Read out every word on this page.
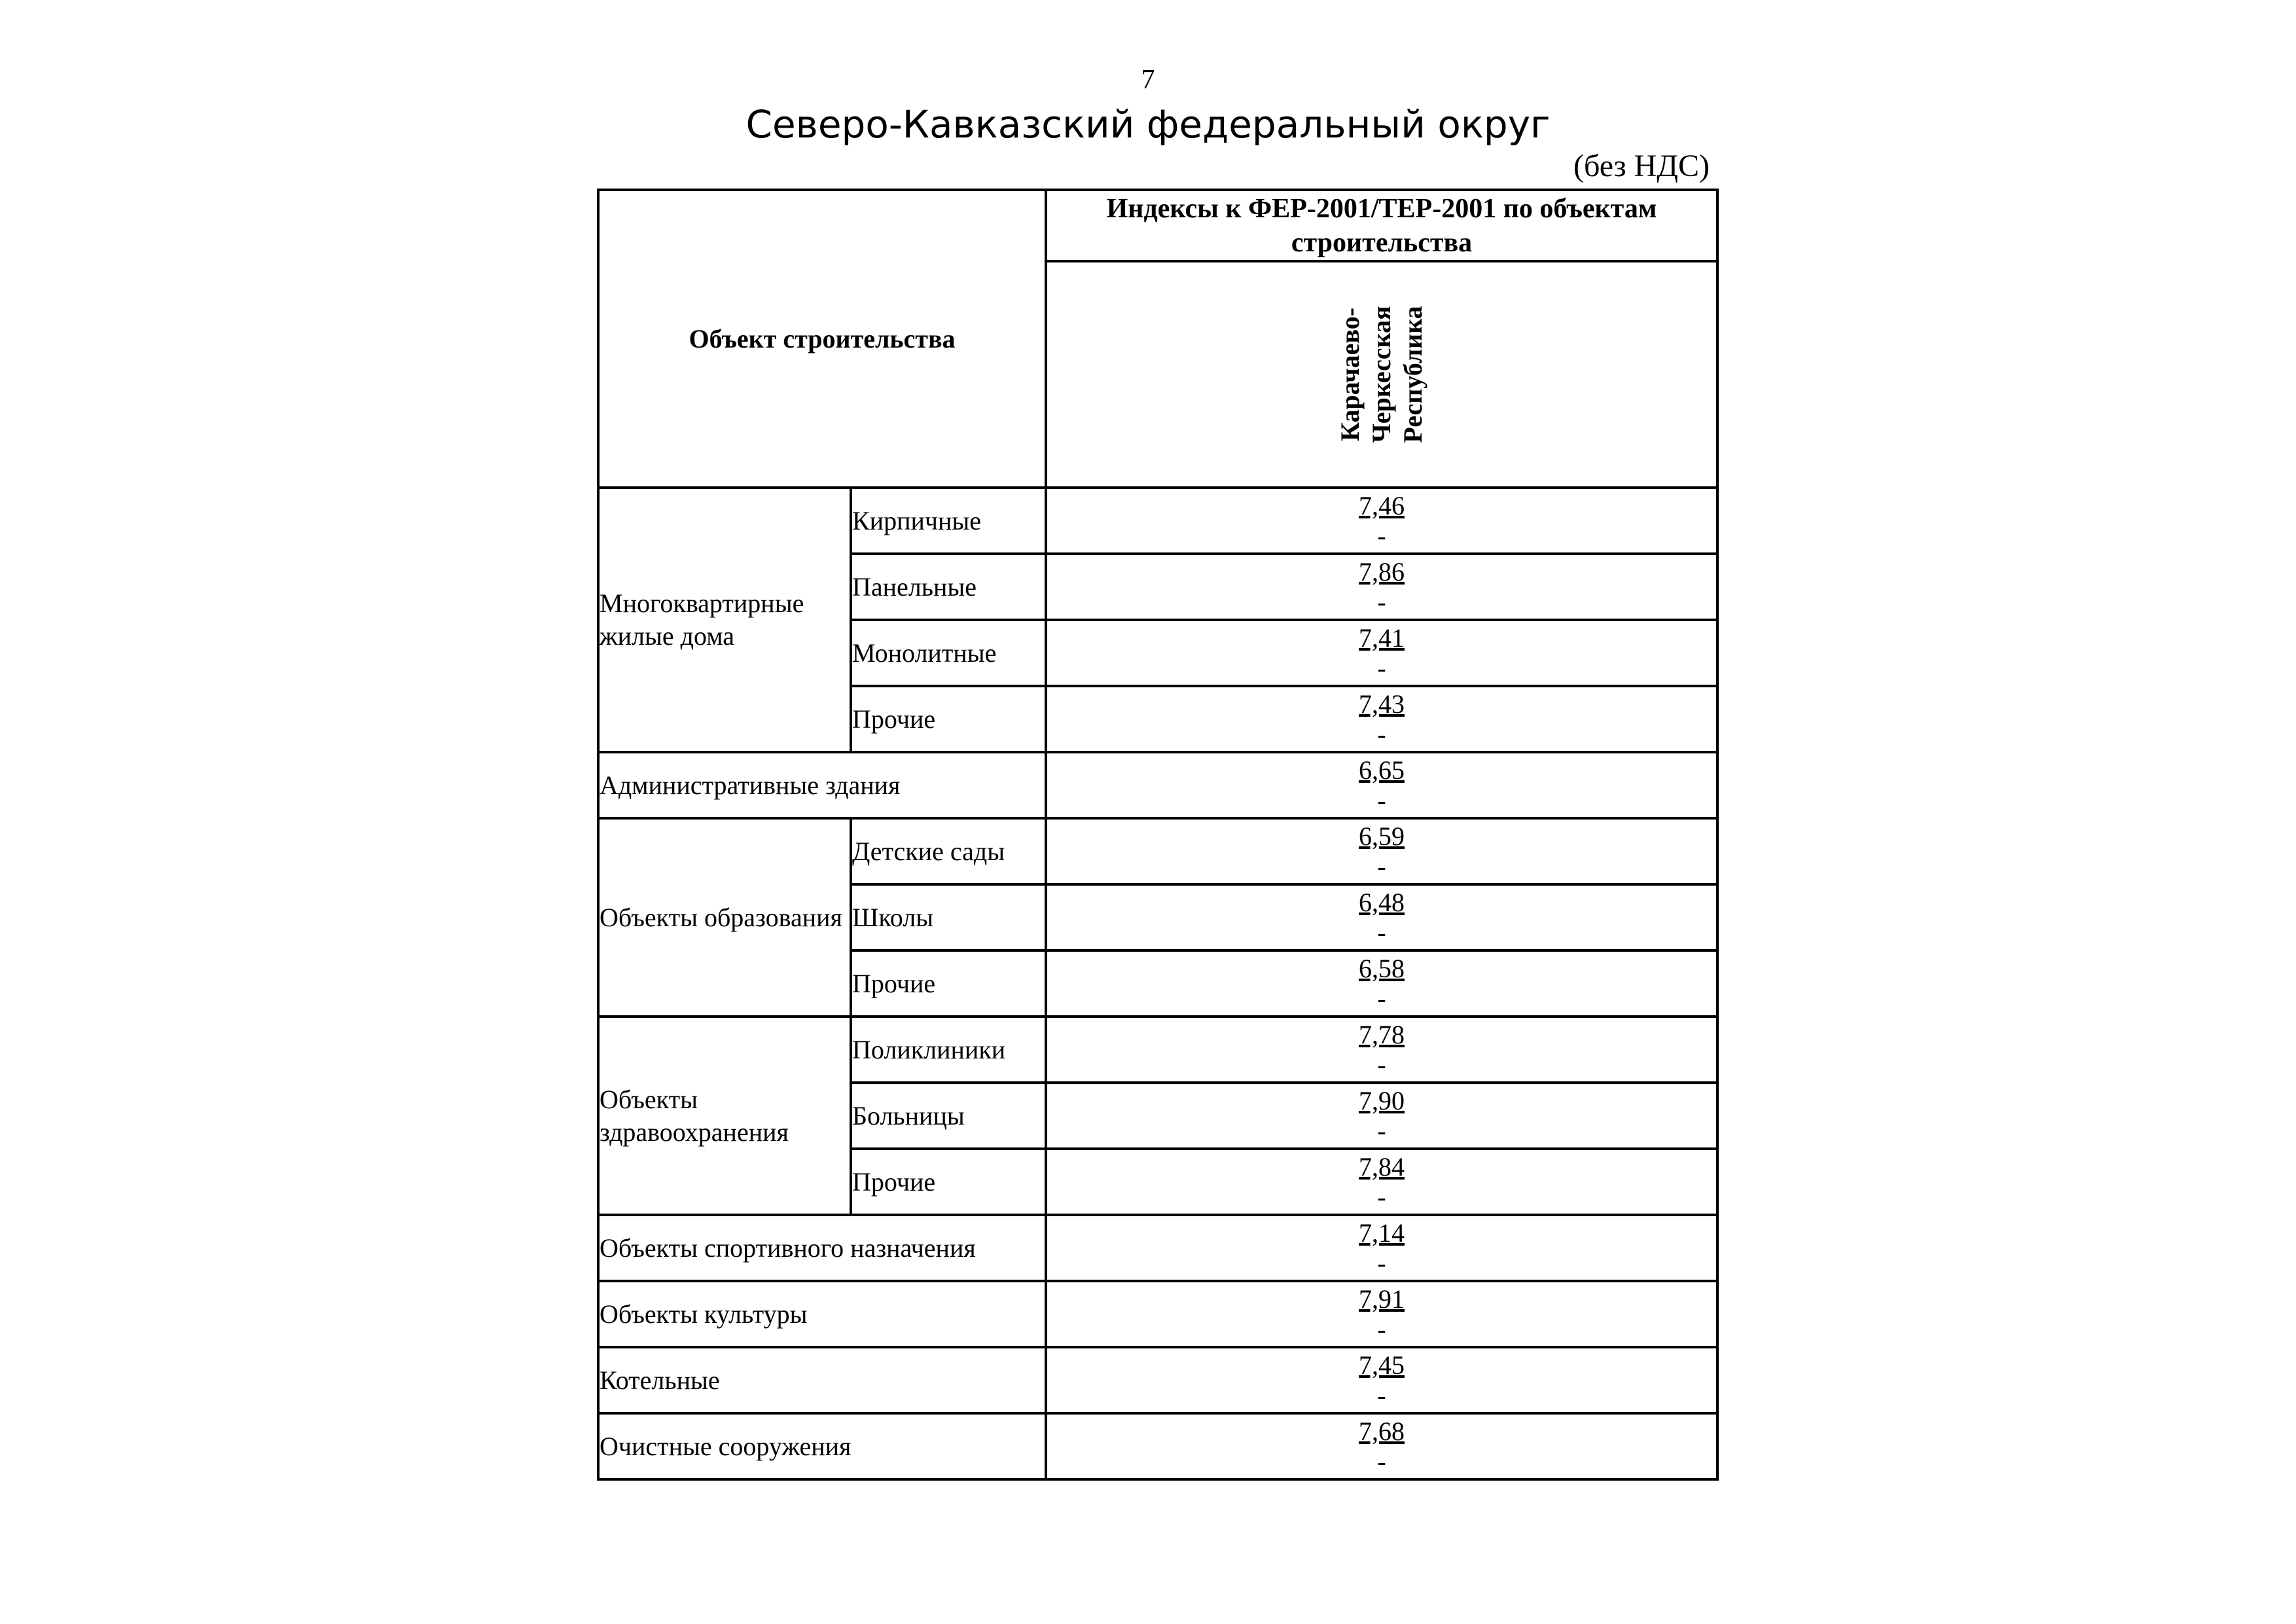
7
Северо-Кавказский федеральный округ
(без НДС)
Объект строительства		Индексы к ФЕР-2001/ТЕР-2001 по объектам строительства

		Карачаево-Черкесская Республика

Многоквартирные жилые дома	Кирпичные	7,46
-

	Панельные	7,86
-

	Монолитные	7,41
-

	Прочие	7,43
-

Административные здания		6,65
-

Объекты образования	Детские сады	6,59
-

	Школы	6,48
-

	Прочие	6,58
-

Объекты здравоохранения	Поликлиники	7,78
-

	Больницы	7,90
-

	Прочие	7,84
-

Объекты спортивного назначения		7,14
-

Объекты культуры		7,91
-

Котельные		7,45
-

Очистные сооружения		7,68
-
